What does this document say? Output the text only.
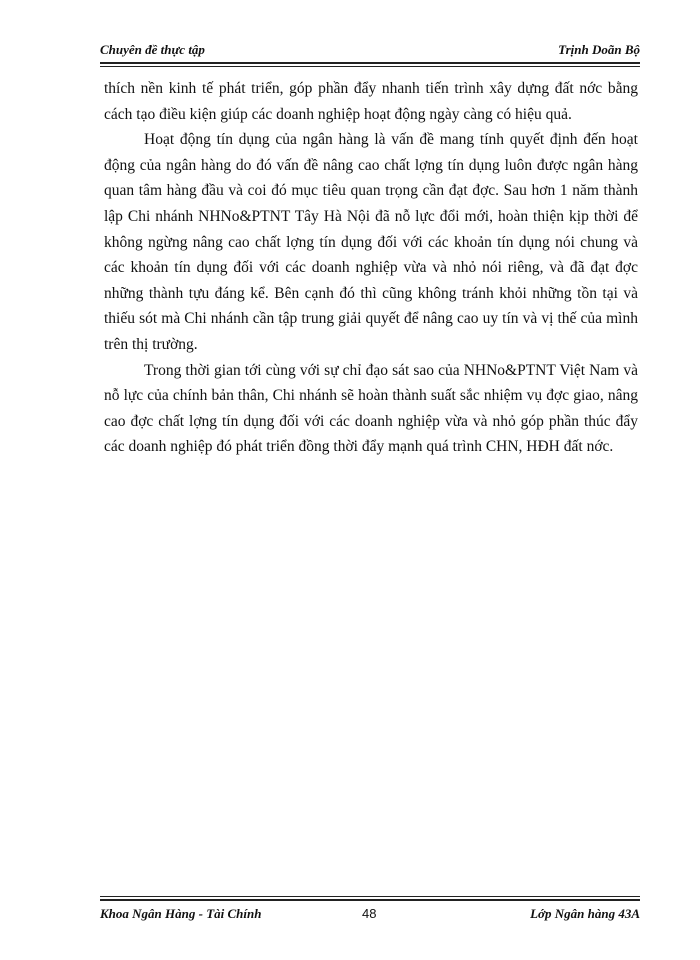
Chuyên đề thực tập	Trịnh Doãn Bộ

thích nền kinh tế phát triển, góp phần đẩy nhanh tiến trình xây dựng đất nớc bằng cách tạo điều kiện giúp các doanh nghiệp hoạt động ngày càng có hiệu quả.

Hoạt động tín dụng của ngân hàng là vấn đề mang tính quyết định đến hoạt động của ngân hàng do đó vấn đề nâng cao chất lợng tín dụng luôn được ngân hàng quan tâm hàng đầu và coi đó mục tiêu quan trọng cần đạt đợc. Sau hơn 1 năm thành lập Chi nhánh NHNo&PTNT Tây Hà Nội đã nỗ lực đổi mới, hoàn thiện kịp thời để không ngừng nâng cao chất lợng tín dụng đối với các khoản tín dụng nói chung và các khoản tín dụng đối với các doanh nghiệp vừa và nhỏ nói riêng, và đã đạt đợc những thành tựu đáng kể. Bên cạnh đó thì cũng không tránh khỏi những tồn tại và thiếu sót mà Chi nhánh cần tập trung giải quyết để nâng cao uy tín và vị thế của mình trên thị trường.

Trong thời gian tới cùng với sự chỉ đạo sát sao của NHNo&PTNT Việt Nam và nỗ lực của chính bản thân, Chi nhánh sẽ hoàn thành suất sắc nhiệm vụ đợc giao, nâng cao đợc chất lợng tín dụng đối với các doanh nghiệp vừa và nhỏ góp phần thúc đẩy các doanh nghiệp đó phát triển đồng thời đẩy mạnh quá trình CHN, HĐH đất nớc.

Khoa Ngân Hàng - Tài Chính	48	Lớp Ngân hàng 43A
